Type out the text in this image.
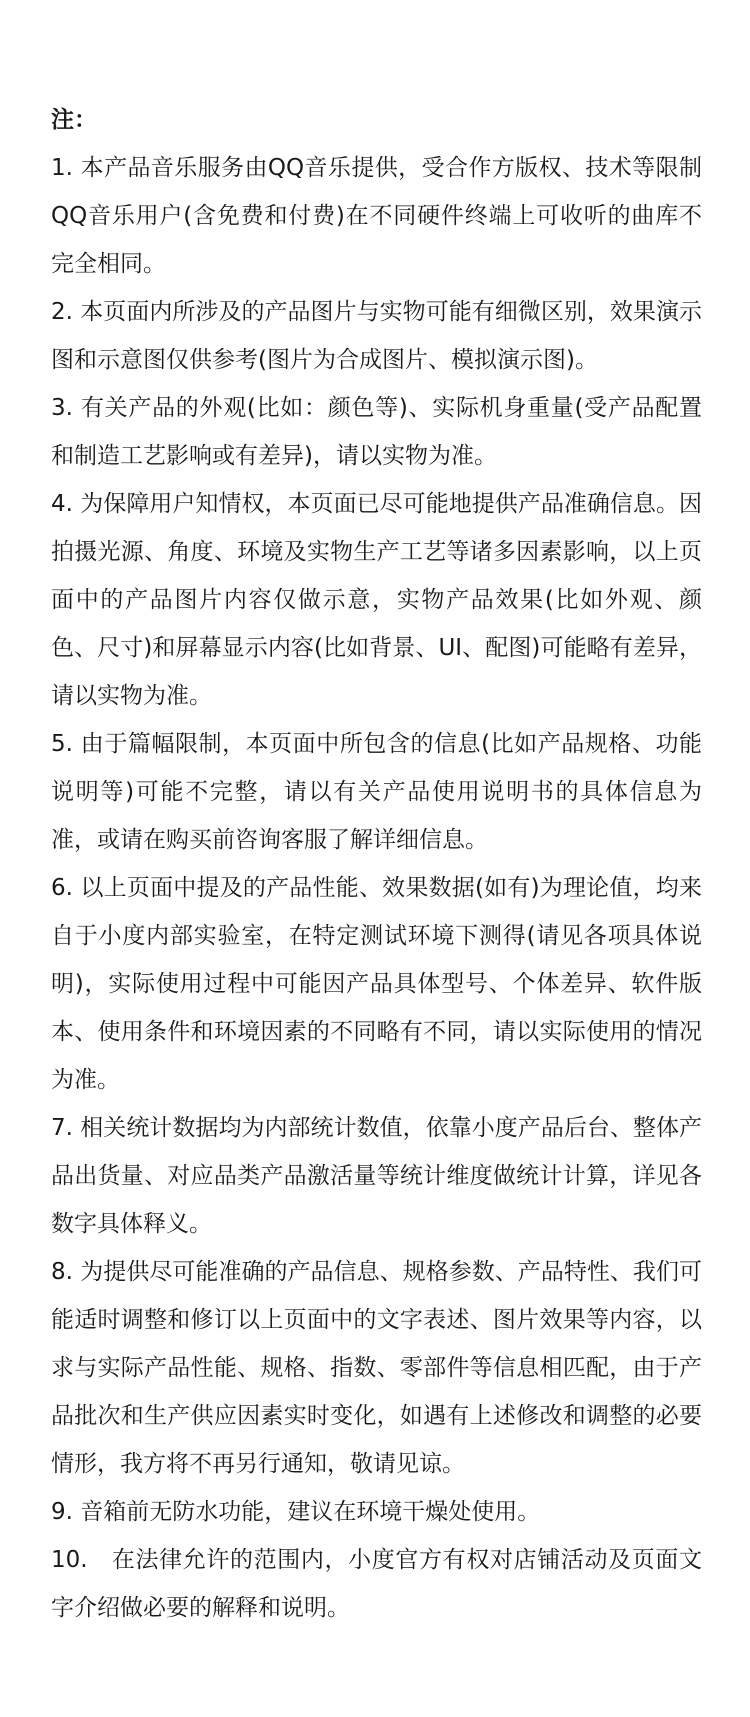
注：

1. 本产品音乐服务由QQ音乐提供，受合作方版权、技术等限制QQ音乐用户(含免费和付费)在不同硬件终端上可收听的曲库不完全相同。

2. 本页面内所涉及的产品图片与实物可能有细微区别，效果演示图和示意图仅供参考(图片为合成图片、模拟演示图)。

3. 有关产品的外观(比如：颜色等)、实际机身重量(受产品配置和制造工艺影响或有差异)，请以实物为准。

4. 为保障用户知情权，本页面已尽可能地提供产品准确信息。因拍摄光源、角度、环境及实物生产工艺等诸多因素影响，以上页面中的产品图片内容仅做示意，实物产品效果(比如外观、颜色、尺寸)和屏幕显示内容(比如背景、UI、配图)可能略有差异，请以实物为准。

5. 由于篇幅限制，本页面中所包含的信息(比如产品规格、功能说明等)可能不完整，请以有关产品使用说明书的具体信息为准，或请在购买前咨询客服了解详细信息。

6. 以上页面中提及的产品性能、效果数据(如有)为理论值，均来自于小度内部实验室，在特定测试环境下测得(请见各项具体说明)，实际使用过程中可能因产品具体型号、个体差异、软件版本、使用条件和环境因素的不同略有不同，请以实际使用的情况为准。

7. 相关统计数据均为内部统计数值，依靠小度产品后台、整体产品出货量、对应品类产品激活量等统计维度做统计计算，详见各数字具体释义。

8. 为提供尽可能准确的产品信息、规格参数、产品特性、我们可能适时调整和修订以上页面中的文字表述、图片效果等内容，以求与实际产品性能、规格、指数、零部件等信息相匹配，由于产品批次和生产供应因素实时变化，如遇有上述修改和调整的必要情形，我方将不再另行通知，敬请见谅。

9. 音箱前无防水功能，建议在环境干燥处使用。

10.　在法律允许的范围内，小度官方有权对店铺活动及页面文字介绍做必要的解释和说明。
